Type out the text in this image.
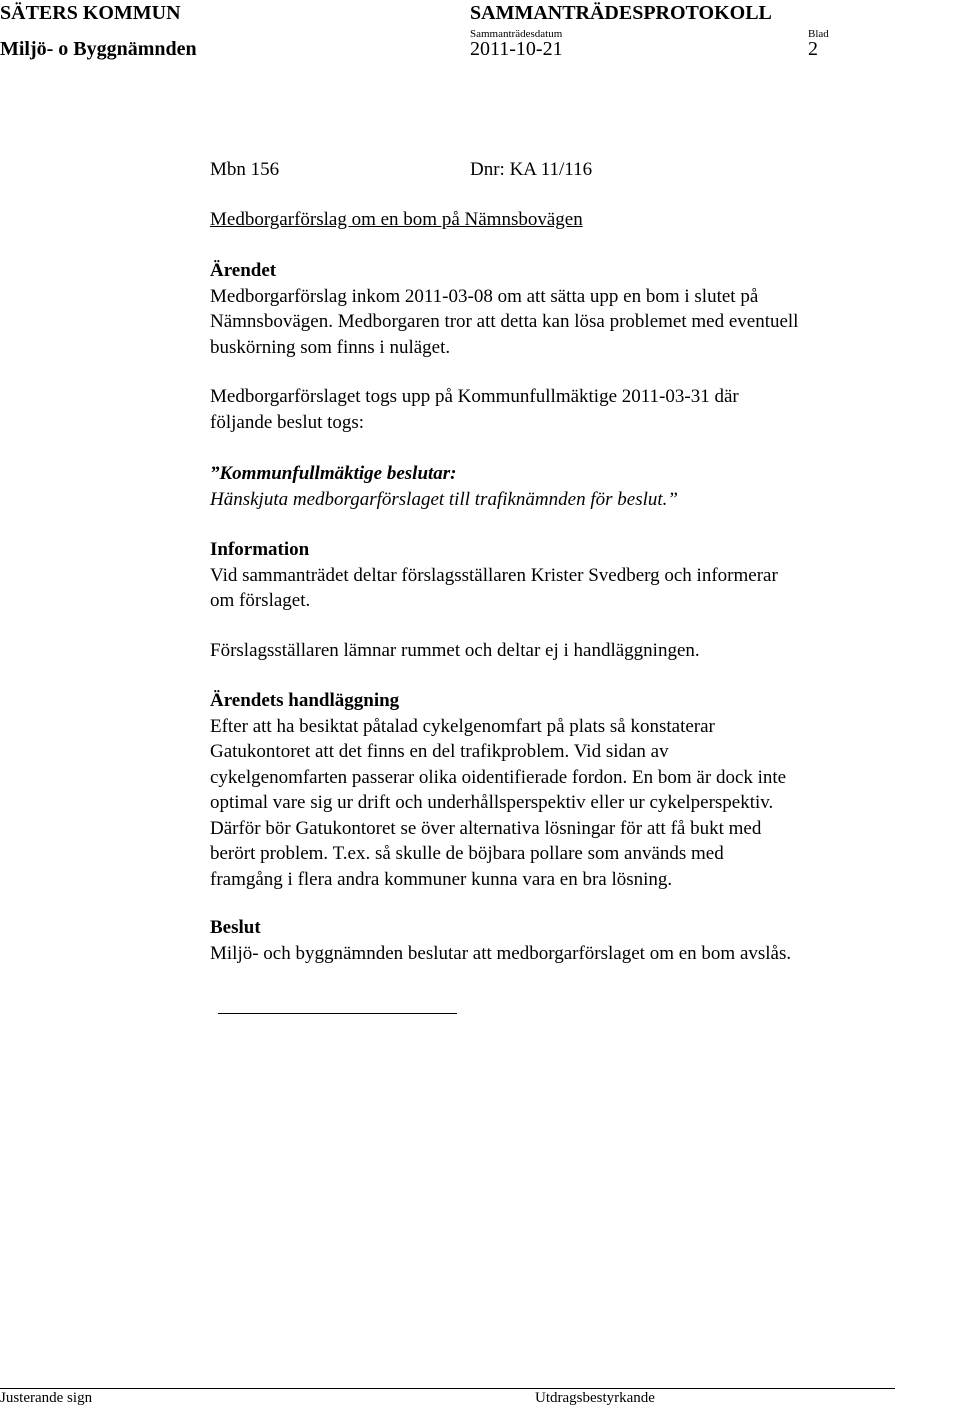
SÄTERS KOMMUN	SAMMANTRÄDESPROTOKOLL
Miljö- o Byggnämnden
Sammanträdesdatum
2011-10-21
Blad
2
Mbn 156	Dnr: KA 11/116
Medborgarförslag om en bom på Nämnsbovägen
Ärendet
Medborgarförslag inkom 2011-03-08 om att sätta upp en bom i slutet på
Nämnsbovägen. Medborgaren tror att detta kan lösa problemet med eventuell
buskörning som finns i nuläget.
Medborgarförslaget togs upp på Kommunfullmäktige 2011-03-31 där
följande beslut togs:
”Kommunfullmäktige beslutar:
Hänskjuta medborgarförslaget till trafiknämnden för beslut.”
Information
Vid sammanträdet deltar förslagsställaren Krister Svedberg och informerar
om förslaget.
Förslagsställaren lämnar rummet och deltar ej i handläggningen.
Ärendets handläggning
Efter att ha besiktat påtalad cykelgenomfart på plats så konstaterar
Gatukontoret att det finns en del trafikproblem. Vid sidan av
cykelgenomfarten passerar olika oidentifierade fordon. En bom är dock inte
optimal vare sig ur drift och underhållsperspektiv eller ur cykelperspektiv.
Därför bör Gatukontoret se över alternativa lösningar för att få bukt med
berört problem. T.ex. så skulle de böjbara pollare som används med
framgång i flera andra kommuner kunna vara en bra lösning.
Beslut
Miljö- och byggnämnden beslutar att medborgarförslaget om en bom avslås.
Justerande sign	Utdragsbestyrkande
